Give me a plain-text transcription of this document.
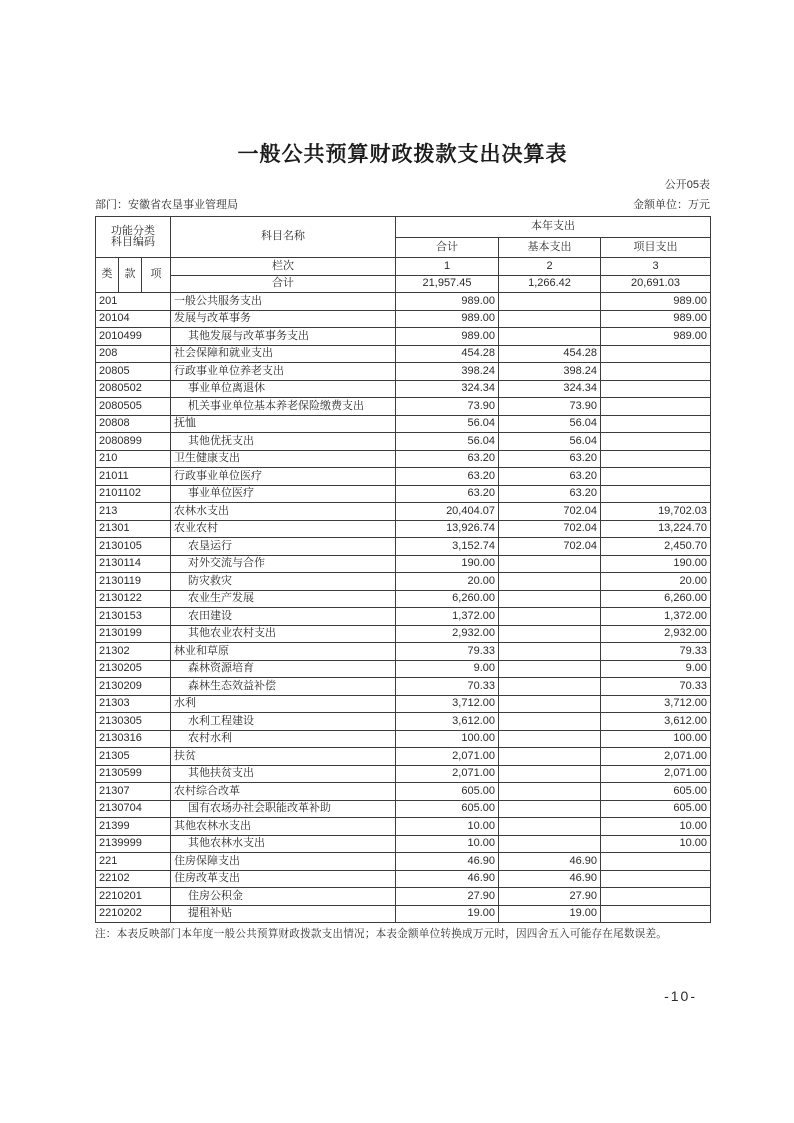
一般公共预算财政拨款支出决算表
公开05表
部门：安徽省农垦事业管理局	金额单位：万元
功能分类
科目编码			科目名称	本年支出		
				合计	基本支出	项目支出
类	款	项	栏次	1	2	3
			合计	21,957.45	1,266.42	20,691.03
201			一般公共服务支出	989.00		989.00
20104			发展与改革事务	989.00		989.00
2010499			其他发展与改革事务支出	989.00		989.00
208			社会保障和就业支出	454.28	454.28	
20805			行政事业单位养老支出	398.24	398.24	
2080502			事业单位离退休	324.34	324.34	
2080505			机关事业单位基本养老保险缴费支出	73.90	73.90	
20808			抚恤	56.04	56.04	
2080899			其他优抚支出	56.04	56.04	
210			卫生健康支出	63.20	63.20	
21011			行政事业单位医疗	63.20	63.20	
2101102			事业单位医疗	63.20	63.20	
213			农林水支出	20,404.07	702.04	19,702.03
21301			农业农村	13,926.74	702.04	13,224.70
2130105			农垦运行	3,152.74	702.04	2,450.70
2130114			对外交流与合作	190.00		190.00
2130119			防灾救灾	20.00		20.00
2130122			农业生产发展	6,260.00		6,260.00
2130153			农田建设	1,372.00		1,372.00
2130199			其他农业农村支出	2,932.00		2,932.00
21302			林业和草原	79.33		79.33
2130205			森林资源培育	9.00		9.00
2130209			森林生态效益补偿	70.33		70.33
21303			水利	3,712.00		3,712.00
2130305			水利工程建设	3,612.00		3,612.00
2130316			农村水利	100.00		100.00
21305			扶贫	2,071.00		2,071.00
2130599			其他扶贫支出	2,071.00		2,071.00
21307			农村综合改革	605.00		605.00
2130704			国有农场办社会职能改革补助	605.00		605.00
21399			其他农林水支出	10.00		10.00
2139999			其他农林水支出	10.00		10.00
221			住房保障支出	46.90	46.90	
22102			住房改革支出	46.90	46.90	
2210201			住房公积金	27.90	27.90	
2210202			提租补贴	19.00	19.00	
注：本表反映部门本年度一般公共预算财政拨款支出情况；本表金额单位转换成万元时，因四舍五入可能存在尾数误差。
-10-
